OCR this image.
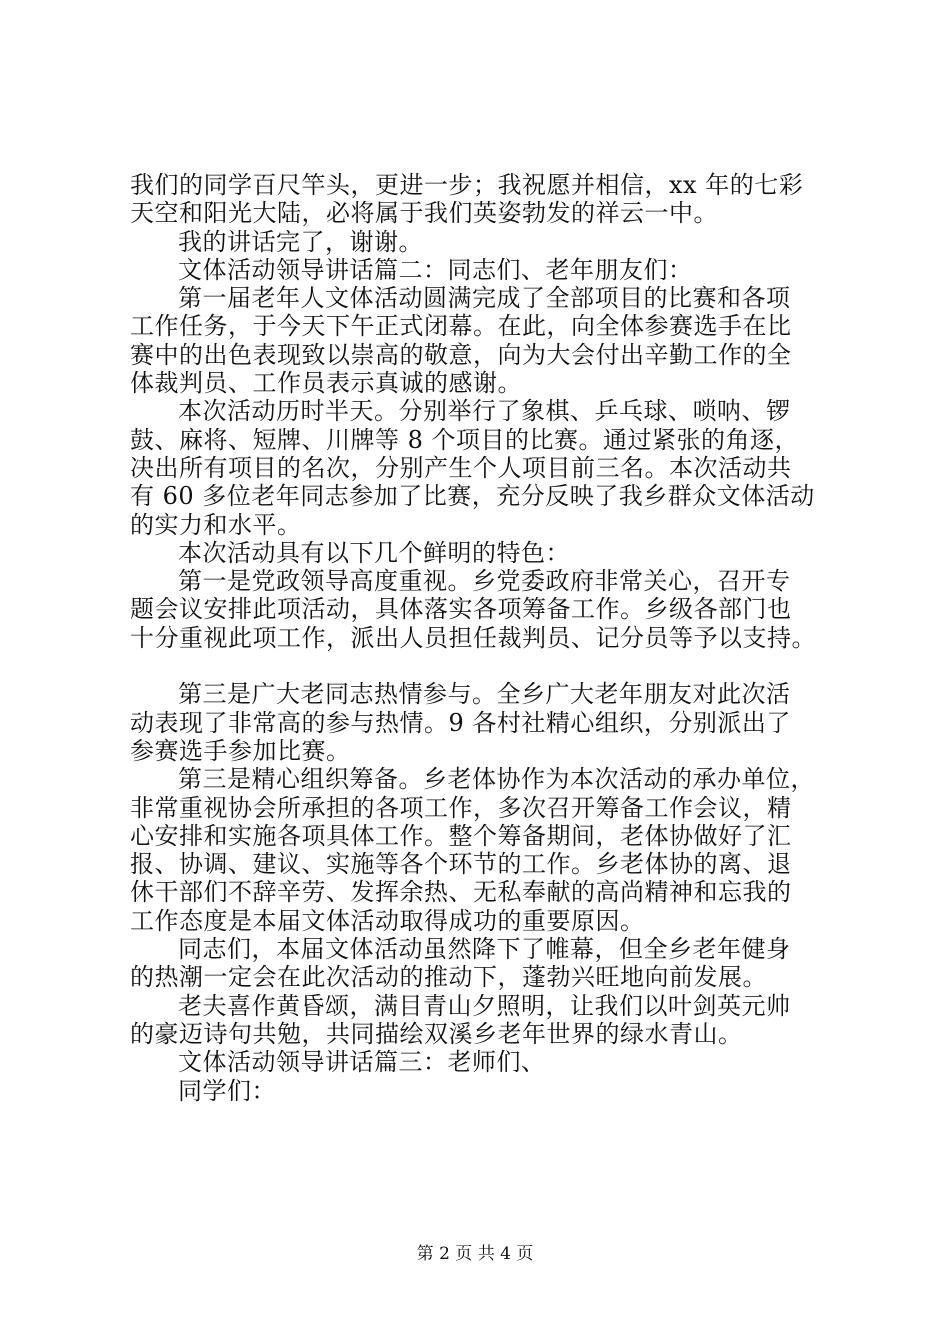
我们的同学百尺竿头，更进一步；我祝愿并相信，xx 年的七彩
天空和阳光大陆，必将属于我们英姿勃发的祥云一中。
我的讲话完了，谢谢。
文体活动领导讲话篇二：同志们、老年朋友们：
第一届老年人文体活动圆满完成了全部项目的比赛和各项
工作任务，于今天下午正式闭幕。在此，向全体参赛选手在比
赛中的出色表现致以崇高的敬意，向为大会付出辛勤工作的全
体裁判员、工作员表示真诚的感谢。
本次活动历时半天。分别举行了象棋、乒乓球、唢呐、锣
鼓、麻将、短牌、川牌等 8 个项目的比赛。通过紧张的角逐，
决出所有项目的名次，分别产生个人项目前三名。本次活动共
有 60 多位老年同志参加了比赛，充分反映了我乡群众文体活动
的实力和水平。
本次活动具有以下几个鲜明的特色：
第一是党政领导高度重视。乡党委政府非常关心，召开专
题会议安排此项活动，具体落实各项筹备工作。乡级各部门也
十分重视此项工作，派出人员担任裁判员、记分员等予以支持。
第三是广大老同志热情参与。全乡广大老年朋友对此次活
动表现了非常高的参与热情。9 各村社精心组织，分别派出了
参赛选手参加比赛。
第三是精心组织筹备。乡老体协作为本次活动的承办单位，
非常重视协会所承担的各项工作，多次召开筹备工作会议，精
心安排和实施各项具体工作。整个筹备期间，老体协做好了汇
报、协调、建议、实施等各个环节的工作。乡老体协的离、退
休干部们不辞辛劳、发挥余热、无私奉献的高尚精神和忘我的
工作态度是本届文体活动取得成功的重要原因。
同志们，本届文体活动虽然降下了帷幕，但全乡老年健身
的热潮一定会在此次活动的推动下，蓬勃兴旺地向前发展。
老夫喜作黄昏颂，满目青山夕照明，让我们以叶剑英元帅
的豪迈诗句共勉，共同描绘双溪乡老年世界的绿水青山。
文体活动领导讲话篇三：老师们、
同学们：
第 2 页 共 4 页
